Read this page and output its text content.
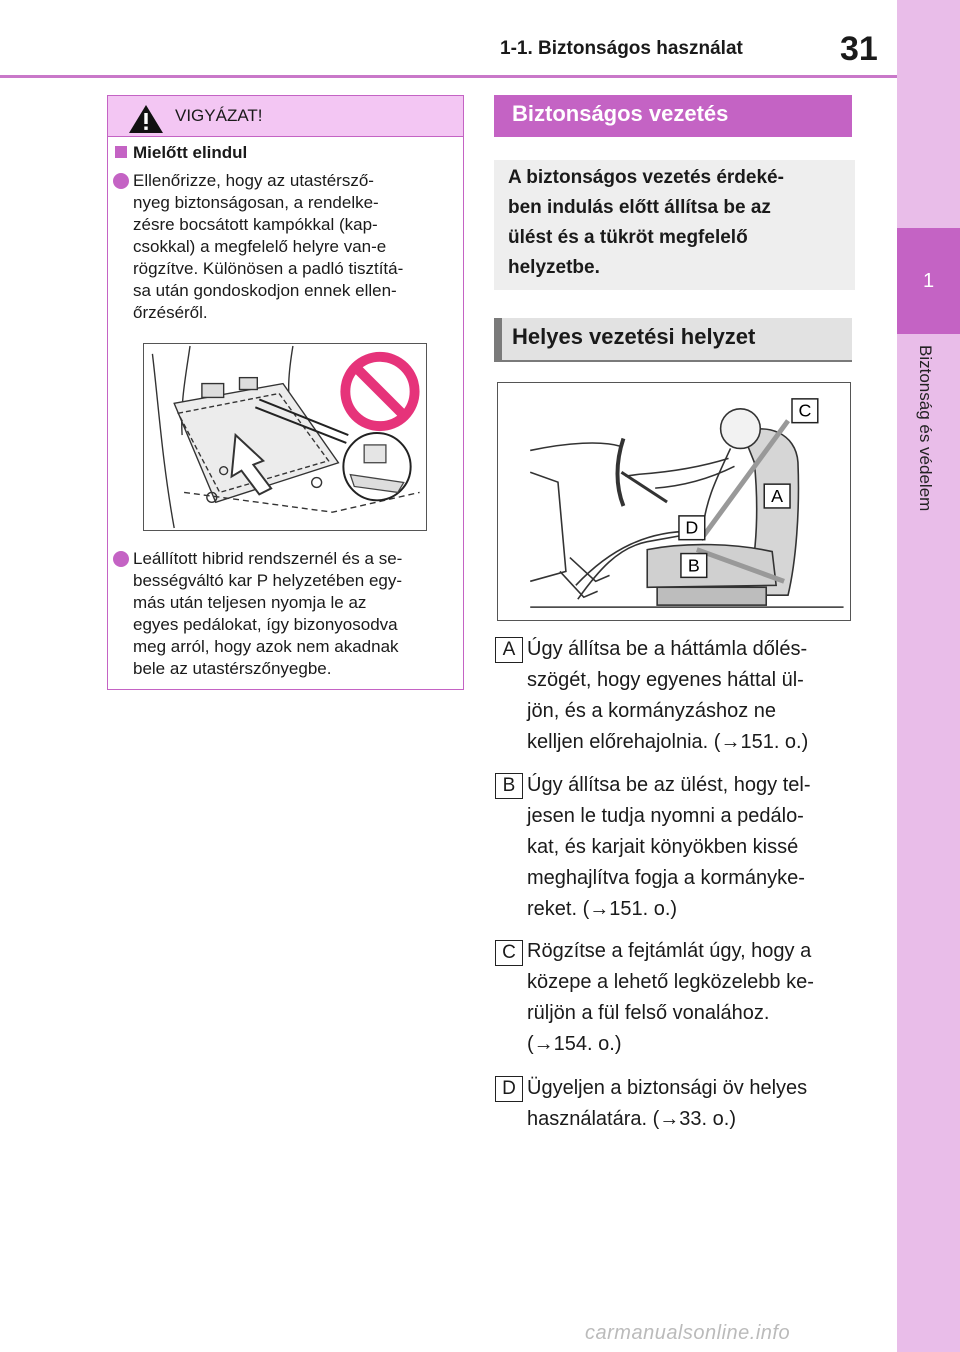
1-1. Biztonságos használat	31
1
Biztonság és védelem
VIGYÁZAT!
Mielőtt elindul
Ellenőrizze, hogy az utastérsző-
nyeg biztonságosan, a rendelke-
zésre bocsátott kampókkal (kap-
csokkal) a megfelelő helyre van-e
rögzítve. Különösen a padló tisztítá-
sa után gondoskodjon ennek ellen-
őrzéséről.
Leállított hibrid rendszernél és a se-
bességváltó kar P helyzetében egy-
más után teljesen nyomja le az
egyes pedálokat, így bizonyosodva
meg arról, hogy azok nem akadnak
bele az utastérszőnyegbe.
Biztonságos vezetés
A biztonságos vezetés érdeké-
ben indulás előtt állítsa be az
ülést és a tükröt megfelelő
helyzetbe.
Helyes vezetési helyzet
C
A
D
B
A Úgy állítsa be a háttámla dőlés-
szögét, hogy egyenes háttal ül-
jön, és a kormányzáshoz ne
kelljen előrehajolnia. (→151. o.)
B Úgy állítsa be az ülést, hogy tel-
jesen le tudja nyomni a pedálo-
kat, és karjait könyökben kissé
meghajlítva fogja a kormányke-
reket. (→151. o.)
C Rögzítse a fejtámlát úgy, hogy a
közepe a lehető legközelebb ke-
rüljön a fül felső vonalához.
(→154. o.)
D Ügyeljen a biztonsági öv helyes
használatára. (→33. o.)
carmanualsonline.info
